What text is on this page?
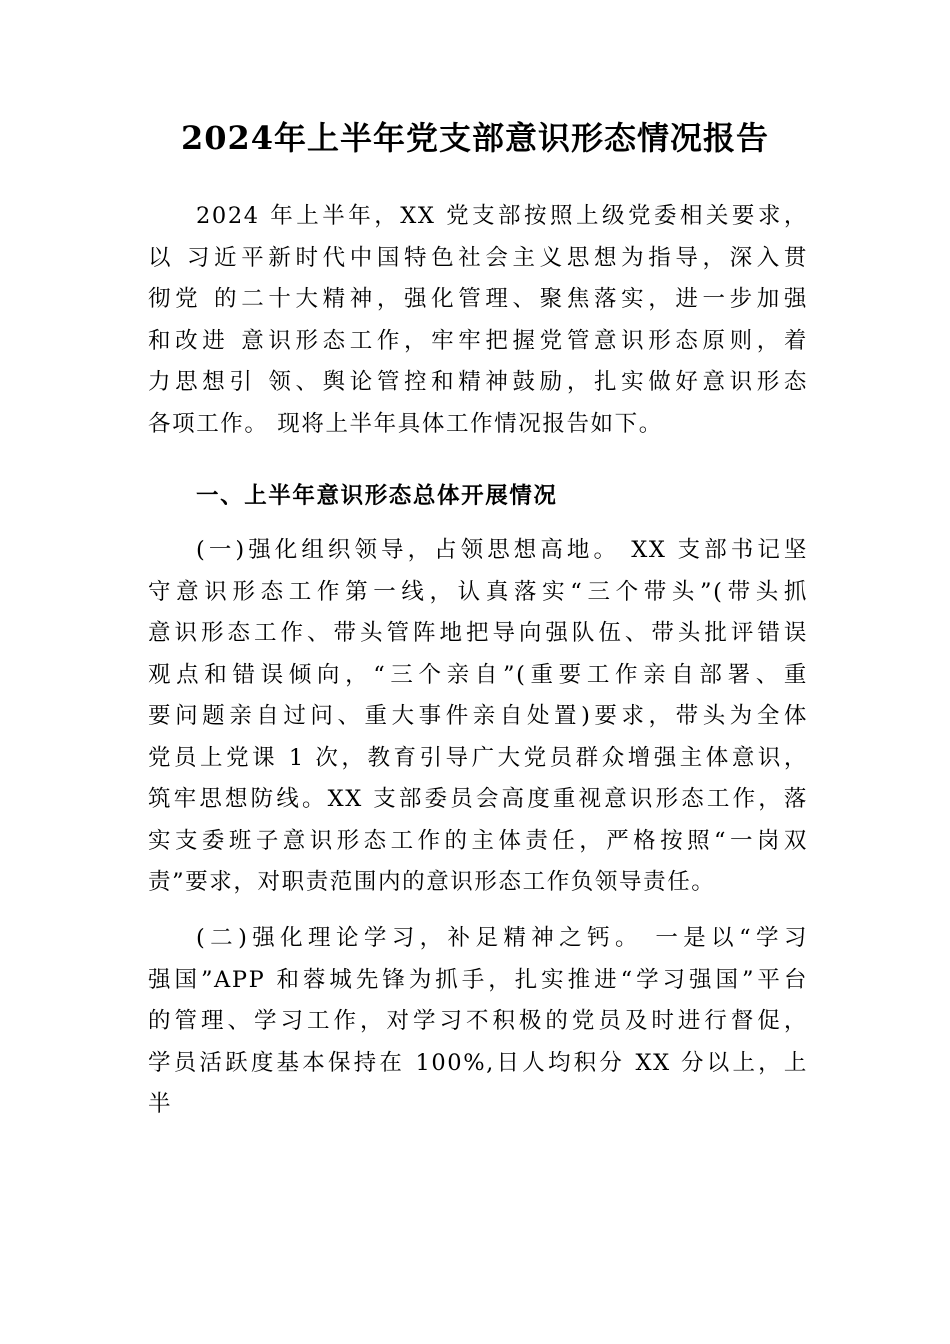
2024年上半年党支部意识形态情况报告
2024 年上半年，XX 党支部按照上级党委相关要求，
以 习近平新时代中国特色社会主义思想为指导，深入贯
彻党 的二十大精神，强化管理、聚焦落实，进一步加强
和改进 意识形态工作，牢牢把握党管意识形态原则，着
力思想引 领、舆论管控和精神鼓励，扎实做好意识形态
各项工作。 现将上半年具体工作情况报告如下。
一、上半年意识形态总体开展情况
(一)强化组织领导，占领思想高地。 XX 支部书记坚
守意识形态工作第一线，认真落实“三个带头”(带头抓
意识形态工作、带头管阵地把导向强队伍、带头批评错误
观点和错误倾向，“三个亲自”(重要工作亲自部署、重
要问题亲自过问、重大事件亲自处置)要求，带头为全体
党员上党课 1 次，教育引导广大党员群众增强主体意识，
筑牢思想防线。XX 支部委员会高度重视意识形态工作，落
实支委班子意识形态工作的主体责任，严格按照“一岗双
责”要求，对职责范围内的意识形态工作负领导责任。
(二)强化理论学习，补足精神之钙。 一是以“学习
强国”APP 和蓉城先锋为抓手，扎实推进“学习强国”平台
的管理、学习工作，对学习不积极的党员及时进行督促，
学员活跃度基本保持在 100%,日人均积分 XX 分以上，上
半
